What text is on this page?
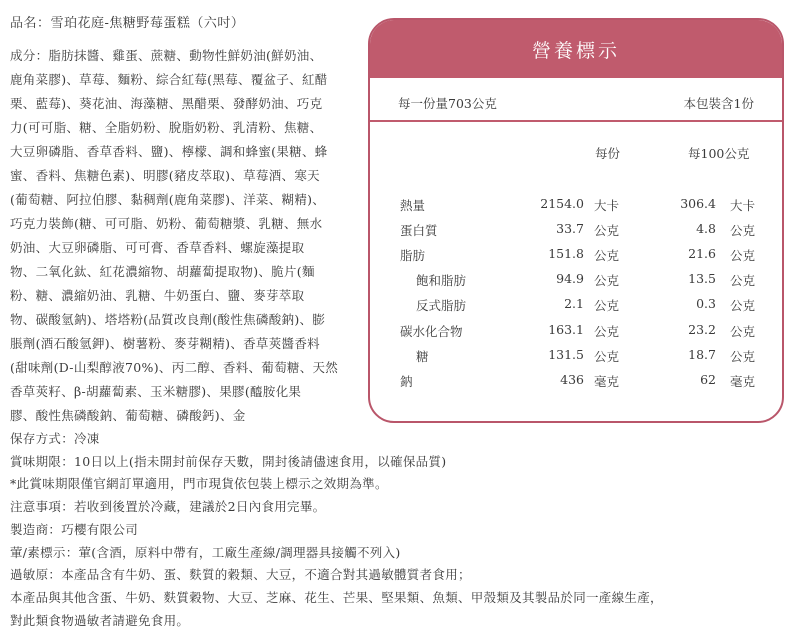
品名：雪珀花庭-焦糖野莓蛋糕（六吋）
成分：脂肪抹醬、雞蛋、蔗糖、動物性鮮奶油(鮮奶油、
鹿角菜膠)、草莓、麵粉、綜合紅莓(黑莓、覆盆子、紅醋
栗、藍莓)、葵花油、海藻糖、黑醋栗、發酵奶油、巧克
力(可可脂、糖、全脂奶粉、脫脂奶粉、乳清粉、焦糖、
大豆卵磷脂、香草香料、鹽)、檸檬、調和蜂蜜(果糖、蜂
蜜、香料、焦糖色素)、明膠(豬皮萃取)、草莓酒、寒天
(葡萄糖、阿拉伯膠、黏稠劑(鹿角菜膠)、洋菜、糊精)、
巧克力裝飾(糖、可可脂、奶粉、葡萄糖漿、乳糖、無水
奶油、大豆卵磷脂、可可膏、香草香料、螺旋藻提取
物、二氧化鈦、紅花濃縮物、胡蘿蔔提取物)、脆片(麵
粉、糖、濃縮奶油、乳糖、牛奶蛋白、鹽、麥芽萃取
物、碳酸氫鈉)、塔塔粉(品質改良劑(酸性焦磷酸鈉)、膨
脹劑(酒石酸氫鉀)、樹薯粉、麥芽糊精)、香草莢醬香料
(甜味劑(D-山梨醇液70%)、丙二醇、香料、葡萄糖、天然
香草莢籽、β-胡蘿蔔素、玉米糖膠)、果膠(醯胺化果
膠、酸性焦磷酸鈉、葡萄糖、磷酸鈣)、金
營養標示
每一份量703公克	本包裝含1份
每份	每100公克
熱量	2154.0 大卡	306.4 大卡
蛋白質	33.7 公克	4.8 公克
脂肪	151.8 公克	21.6 公克
飽和脂肪	94.9 公克	13.5 公克
反式脂肪	2.1 公克	0.3 公克
碳水化合物	163.1 公克	23.2 公克
糖	131.5 公克	18.7 公克
鈉	436 毫克	62 毫克
保存方式：冷凍
賞味期限：10日以上(指未開封前保存天數，開封後請儘速食用，以確保品質)
*此賞味期限僅官網訂單適用，門市現貨依包裝上標示之效期為準。
注意事項：若收到後置於冷藏，建議於2日內食用完畢。
製造商：巧櫻有限公司
葷/素標示：葷(含酒，原料中帶有，工廠生產線/調理器具接觸不列入)
過敏原：本產品含有牛奶、蛋、麩質的穀類、大豆，不適合對其過敏體質者食用；
本產品與其他含蛋、牛奶、麩質穀物、大豆、芝麻、花生、芒果、堅果類、魚類、甲殼類及其製品於同一產線生產，
對此類食物過敏者請避免食用。
